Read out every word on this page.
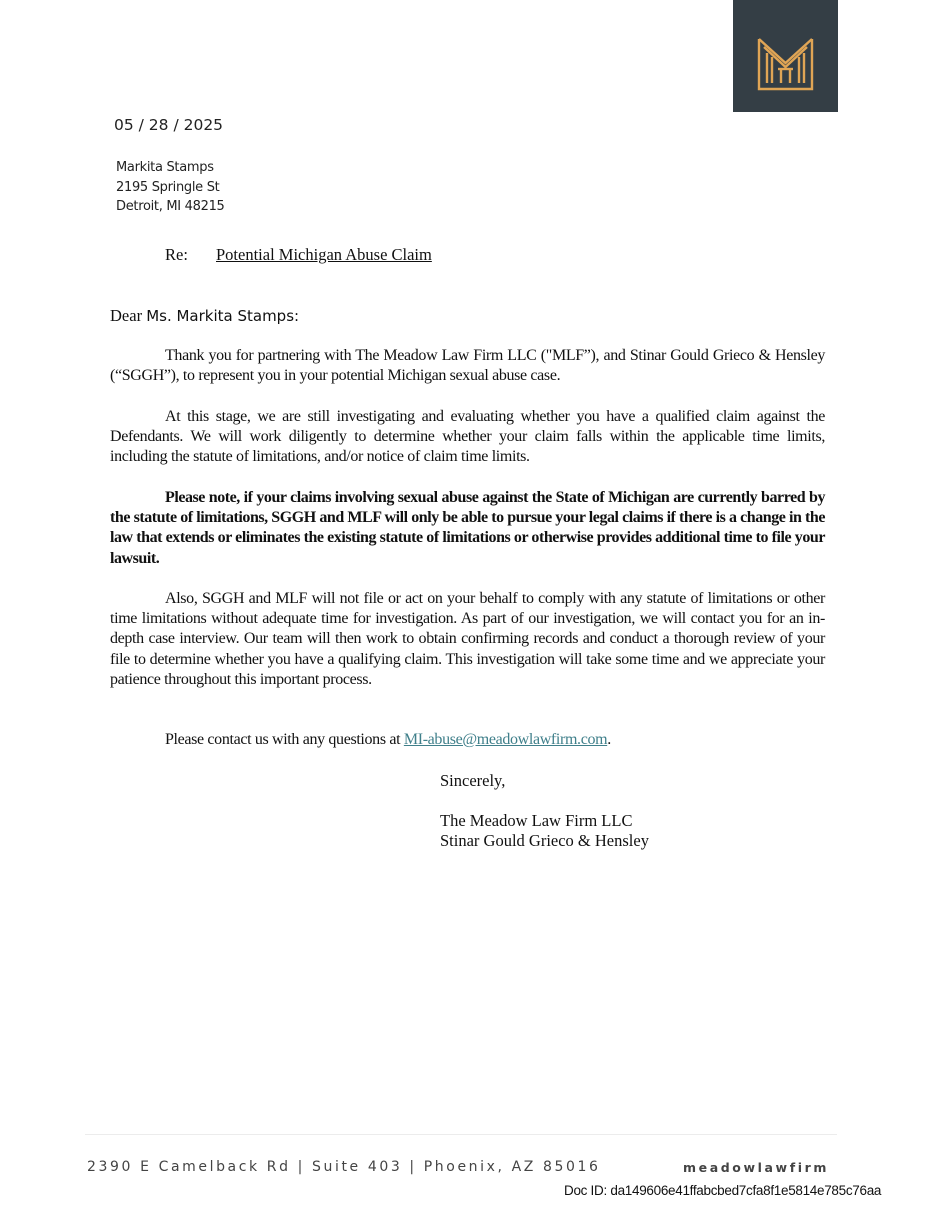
05 / 28 / 2025
Markita Stamps
2195 Springle St
Detroit, MI 48215
Re: Potential Michigan Abuse Claim
Dear Ms. Markita Stamps:
Thank you for partnering with The Meadow Law Firm LLC ("MLF”), and Stinar Gould Grieco & Hensley (“SGGH”), to represent you in your potential Michigan sexual abuse case.
At this stage, we are still investigating and evaluating whether you have a qualified claim against the Defendants. We will work diligently to determine whether your claim falls within the applicable time limits, including the statute of limitations, and/or notice of claim time limits.
Please note, if your claims involving sexual abuse against the State of Michigan are currently barred by the statute of limitations, SGGH and MLF will only be able to pursue your legal claims if there is a change in the law that extends or eliminates the existing statute of limitations or otherwise provides additional time to file your lawsuit.
Also, SGGH and MLF will not file or act on your behalf to comply with any statute of limitations or other time limitations without adequate time for investigation. As part of our investigation, we will contact you for an in-depth case interview. Our team will then work to obtain confirming records and conduct a thorough review of your file to determine whether you have a qualifying claim. This investigation will take some time and we appreciate your patience throughout this important process.
Please contact us with any questions at MI-abuse@meadowlawfirm.com.
Sincerely,
The Meadow Law Firm LLC
Stinar Gould Grieco & Hensley
2390 E Camelback Rd | Suite 403 | Phoenix, AZ 85016	meadowlawfirm
Doc ID: da149606e41ffabcbed7cfa8f1e5814e785c76aa
